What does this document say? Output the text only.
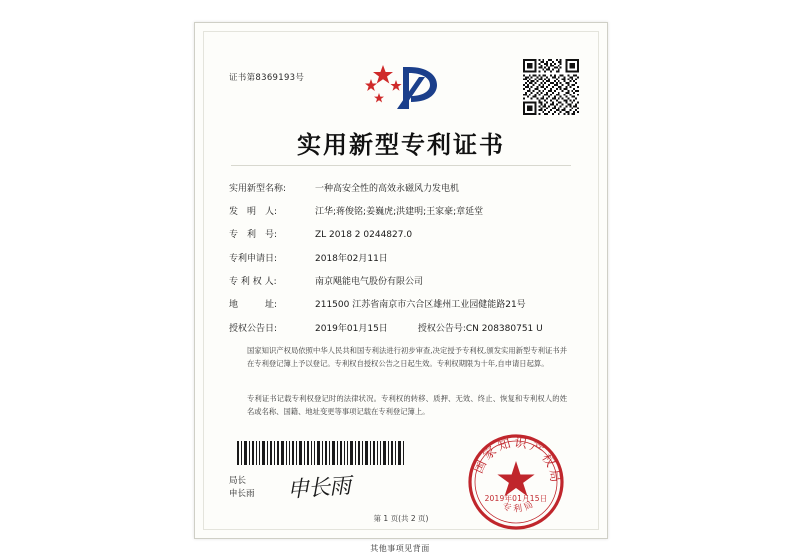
证书第8369193号
实用新型专利证书
实用新型名称:	一种高安全性的高效永磁风力发电机
发　明　人:	江华;蒋俊铭;姜巍虎;洪建明;王家豪;章延堂
专　利　号:	ZL 2018 2 0244827.0
专利申请日:	2018年02月11日
专 利 权 人:	南京飓能电气股份有限公司
地　　　址:	211500 江苏省南京市六合区雄州工业园健能路21号
授权公告日:	2019年01月15日	授权公告号:CN 208380751 U
国家知识产权局依照中华人民共和国专利法进行初步审查,决定授予专利权,颁发实用新型专利证书并在专利登记簿上予以登记。专利权自授权公告之日起生效。专利权期限为十年,自申请日起算。
专利证书记载专利权登记时的法律状况。专利权的转移、质押、无效、终止、恢复和专利权人的姓名或名称、国籍、地址变更等事项记载在专利登记簿上。
国家知识产权局
专利局
2019年01月15日
局长
申长雨 申长雨
第 1 页(共 2 页)
其他事项见背面
